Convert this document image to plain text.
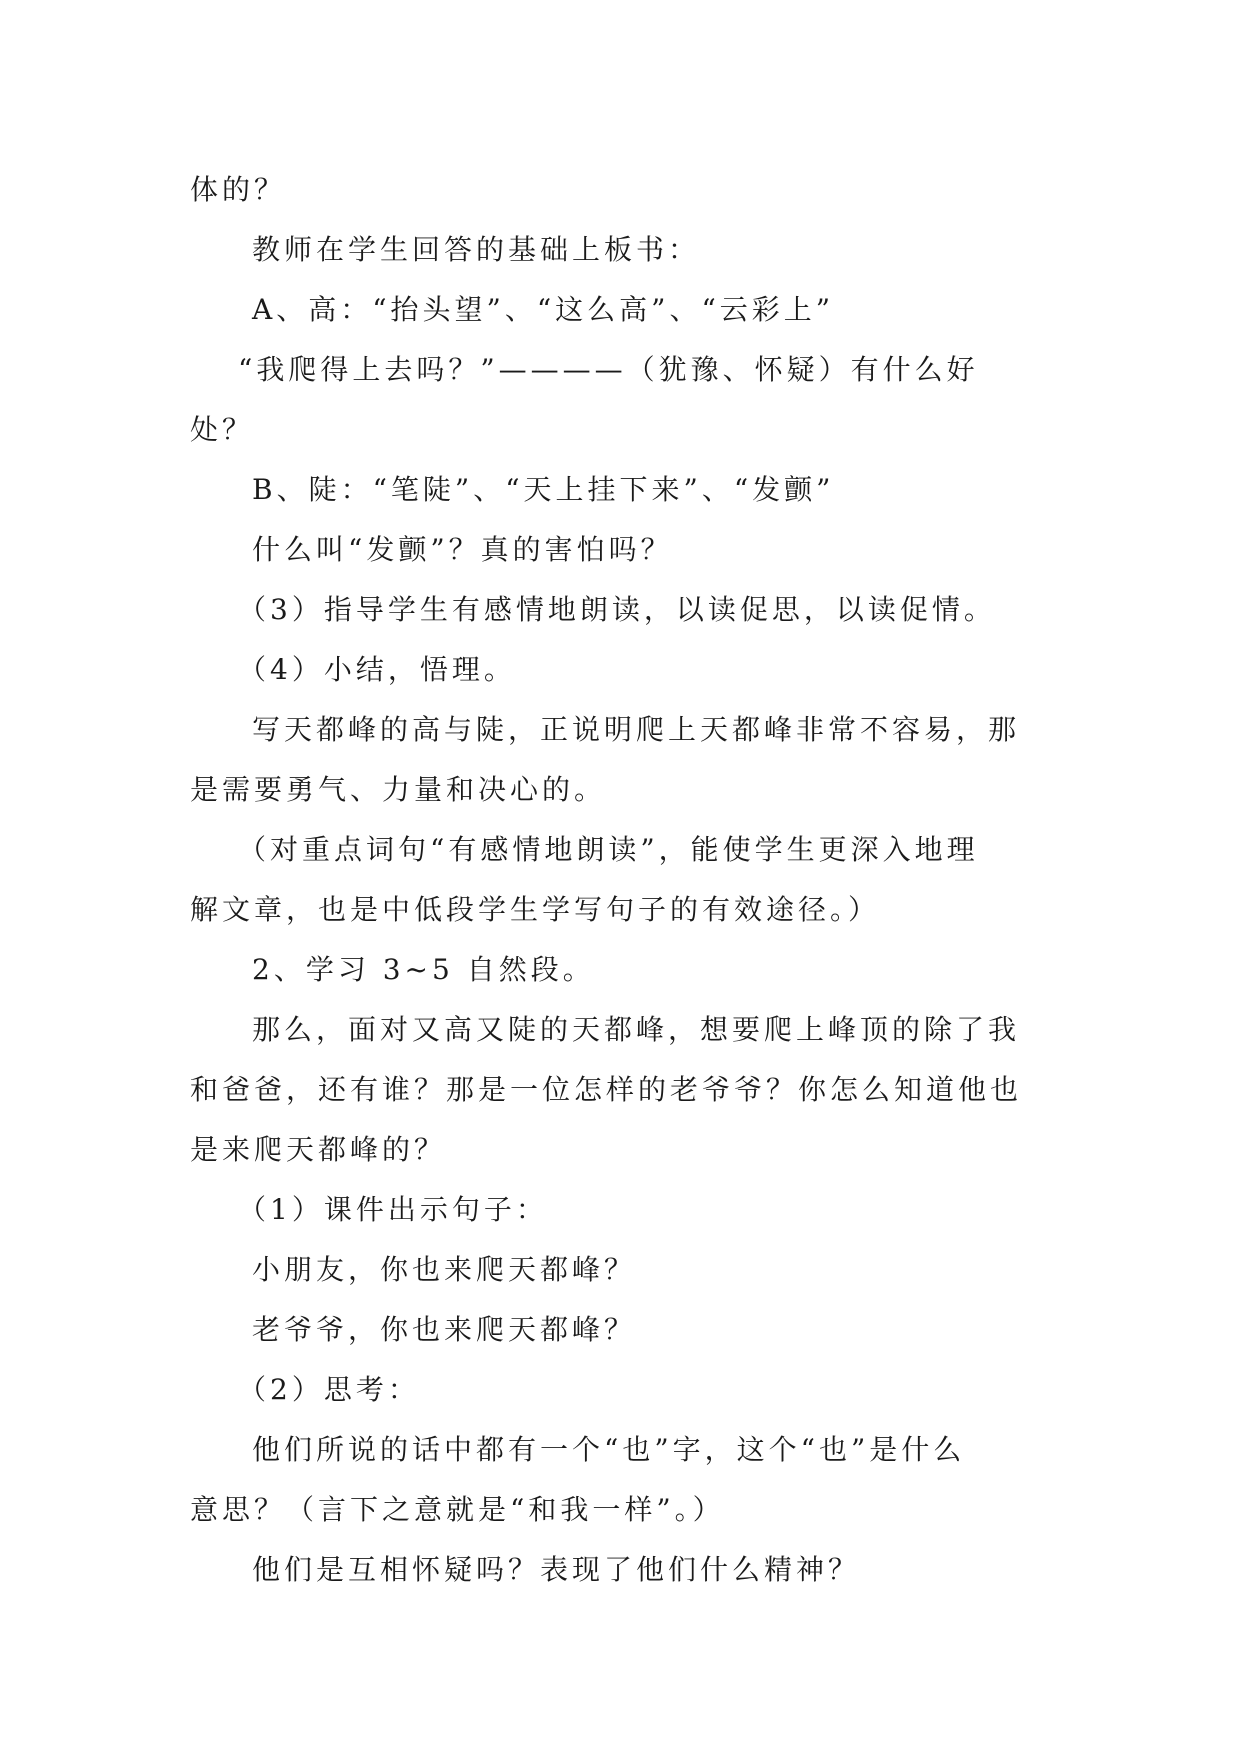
体的？
教师在学生回答的基础上板书：
A、高：“抬头望”、“这么高”、“云彩上”
“我爬得上去吗？”————（犹豫、怀疑）有什么好
处？
B、陡：“笔陡”、“天上挂下来”、“发颤”
什么叫“发颤”？真的害怕吗？
（3）指导学生有感情地朗读，以读促思，以读促情。
（4）小结，悟理。
写天都峰的高与陡，正说明爬上天都峰非常不容易，那
是需要勇气、力量和决心的。
（对重点词句“有感情地朗读”，能使学生更深入地理
解文章，也是中低段学生学写句子的有效途径。）
2、学习 3~5 自然段。
那么，面对又高又陡的天都峰，想要爬上峰顶的除了我
和爸爸，还有谁？那是一位怎样的老爷爷？你怎么知道他也
是来爬天都峰的？
（1）课件出示句子：
小朋友，你也来爬天都峰？
老爷爷，你也来爬天都峰？
（2）思考：
他们所说的话中都有一个“也”字，这个“也”是什么
意思？（言下之意就是“和我一样”。）
他们是互相怀疑吗？表现了他们什么精神？
